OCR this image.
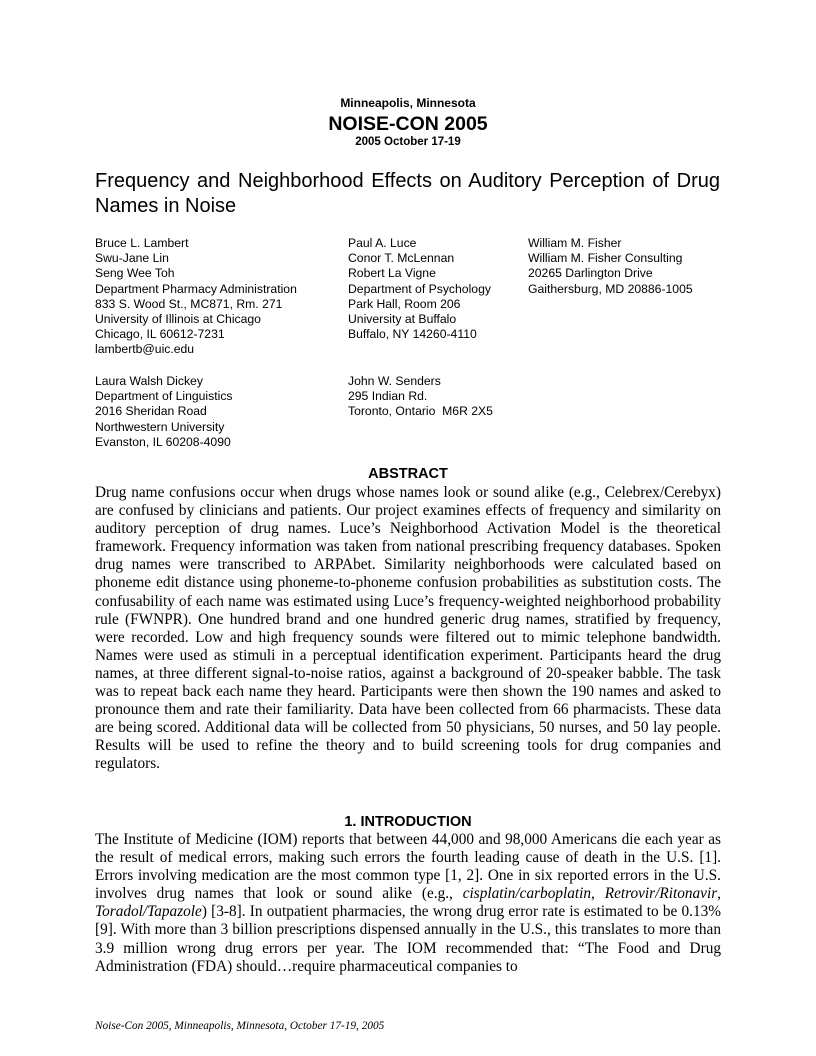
Minneapolis, Minnesota
NOISE-CON 2005
2005 October 17-19
Frequency and Neighborhood Effects on Auditory Perception of Drug Names in Noise
Bruce L. Lambert
Swu-Jane Lin
Seng Wee Toh
Department Pharmacy Administration
833 S. Wood St., MC871, Rm. 271
University of Illinois at Chicago
Chicago, IL 60612-7231
lambertb@uic.edu
Paul A. Luce
Conor T. McLennan
Robert La Vigne
Department of Psychology
Park Hall, Room 206
University at Buffalo
Buffalo, NY 14260-4110
William M. Fisher
William M. Fisher Consulting
20265 Darlington Drive
Gaithersburg, MD 20886-1005
Laura Walsh Dickey
Department of Linguistics
2016 Sheridan Road
Northwestern University
Evanston, IL 60208-4090
John W. Senders
295 Indian Rd.
Toronto, Ontario  M6R 2X5
ABSTRACT

Drug name confusions occur when drugs whose names look or sound alike (e.g., Celebrex/Cerebyx) are confused by clinicians and patients. Our project examines effects of frequency and similarity on auditory perception of drug names. Luce’s Neighborhood Activation Model is the theoretical framework. Frequency information was taken from national prescribing frequency databases. Spoken drug names were transcribed to ARPAbet. Similarity neighborhoods were calculated based on phoneme edit distance using phoneme-to-phoneme confusion probabilities as substitution costs. The confusability of each name was estimated using Luce’s frequency-weighted neighborhood probability rule (FWNPR). One hundred brand and one hundred generic drug names, stratified by frequency, were recorded. Low and high frequency sounds were filtered out to mimic telephone bandwidth. Names were used as stimuli in a perceptual identification experiment. Participants heard the drug names, at three different signal-to-noise ratios, against a background of 20-speaker babble. The task was to repeat back each name they heard. Participants were then shown the 190 names and asked to pronounce them and rate their familiarity. Data have been collected from 66 pharmacists. These data are being scored. Additional data will be collected from 50 physicians, 50 nurses, and 50 lay people. Results will be used to refine the theory and to build screening tools for drug companies and regulators.

1. INTRODUCTION

The Institute of Medicine (IOM) reports that between 44,000 and 98,000 Americans die each year as the result of medical errors, making such errors the fourth leading cause of death in the U.S. [1]. Errors involving medication are the most common type [1, 2]. One in six reported errors in the U.S. involves drug names that look or sound alike (e.g., cisplatin/carboplatin, Retrovir/Ritonavir, Toradol/Tapazole) [3-8]. In outpatient pharmacies, the wrong drug error rate is estimated to be 0.13% [9]. With more than 3 billion prescriptions dispensed annually in the U.S., this translates to more than 3.9 million wrong drug errors per year. The IOM recommended that: “The Food and Drug Administration (FDA) should…require pharmaceutical companies to

Noise-Con 2005, Minneapolis, Minnesota, October 17-19, 2005
